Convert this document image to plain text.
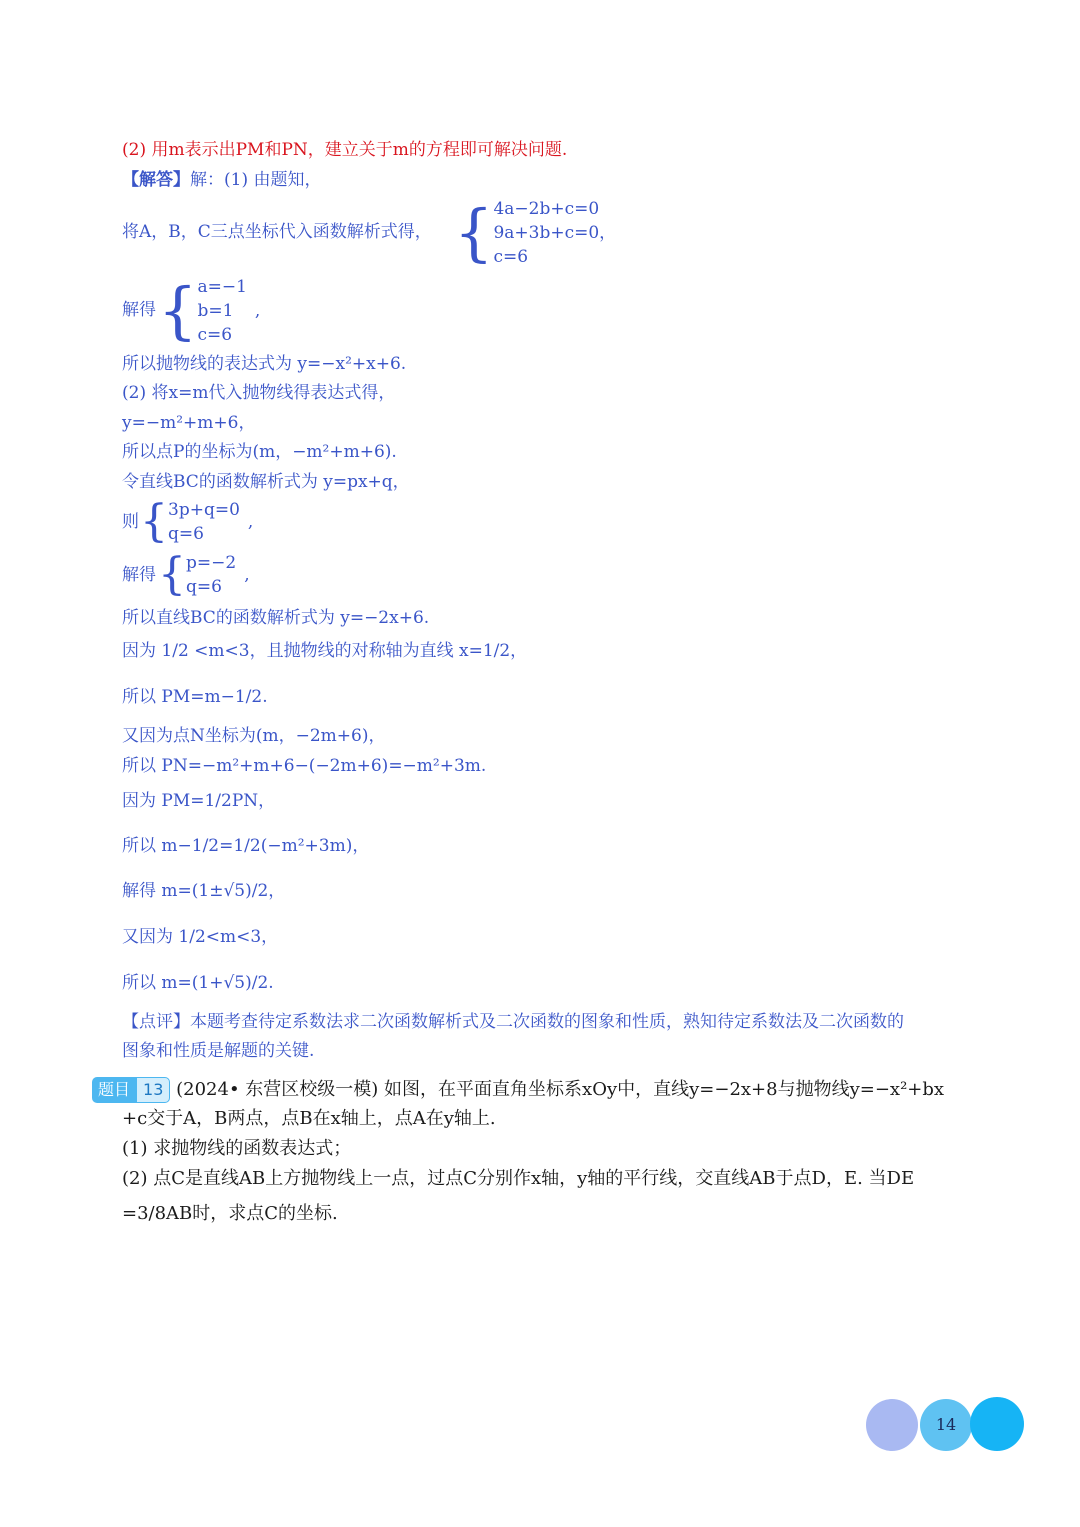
(2) 用m表示出PM和PN，建立关于m的方程即可解决问题.
【解答】解：(1) 由题知，
将A，B，C三点坐标代入函数解析式得， { 4a−2b+c=0
9a+3b+c=0，
c=6
解得 { a=−1
b=1
c=6
,
所以抛物线的表达式为 y=−x²+x+6.
(2) 将x=m代入抛物线得表达式得，
y=−m²+m+6，
所以点P的坐标为(m，−m²+m+6).
令直线BC的函数解析式为 y=px+q，
则 { 3p+q=0
q=6
,
解得 { p=−2
q=6
,
所以直线BC的函数解析式为 y=−2x+6.
因为 1/2 <m<3，且抛物线的对称轴为直线 x=1/2，
所以 PM=m−1/2.
又因为点N坐标为(m，−2m+6)，
所以 PN=−m²+m+6−(−2m+6)=−m²+3m.
因为 PM=1/2PN，
所以 m−1/2=1/2(−m²+3m)，
解得 m=(1±√5)/2，
又因为 1/2<m<3，
所以 m=(1+√5)/2.
【点评】本题考查待定系数法求二次函数解析式及二次函数的图象和性质，熟知待定系数法及二次函数的
图象和性质是解题的关键.
题目 13 (2024• 东营区校级一模) 如图，在平面直角坐标系xOy中，直线y=−2x+8与抛物线y=−x²+bx
+c交于A，B两点，点B在x轴上，点A在y轴上.
(1) 求抛物线的函数表达式；
(2) 点C是直线AB上方抛物线上一点，过点C分别作x轴，y轴的平行线，交直线AB于点D，E. 当DE
=3/8AB时，求点C的坐标.
14
